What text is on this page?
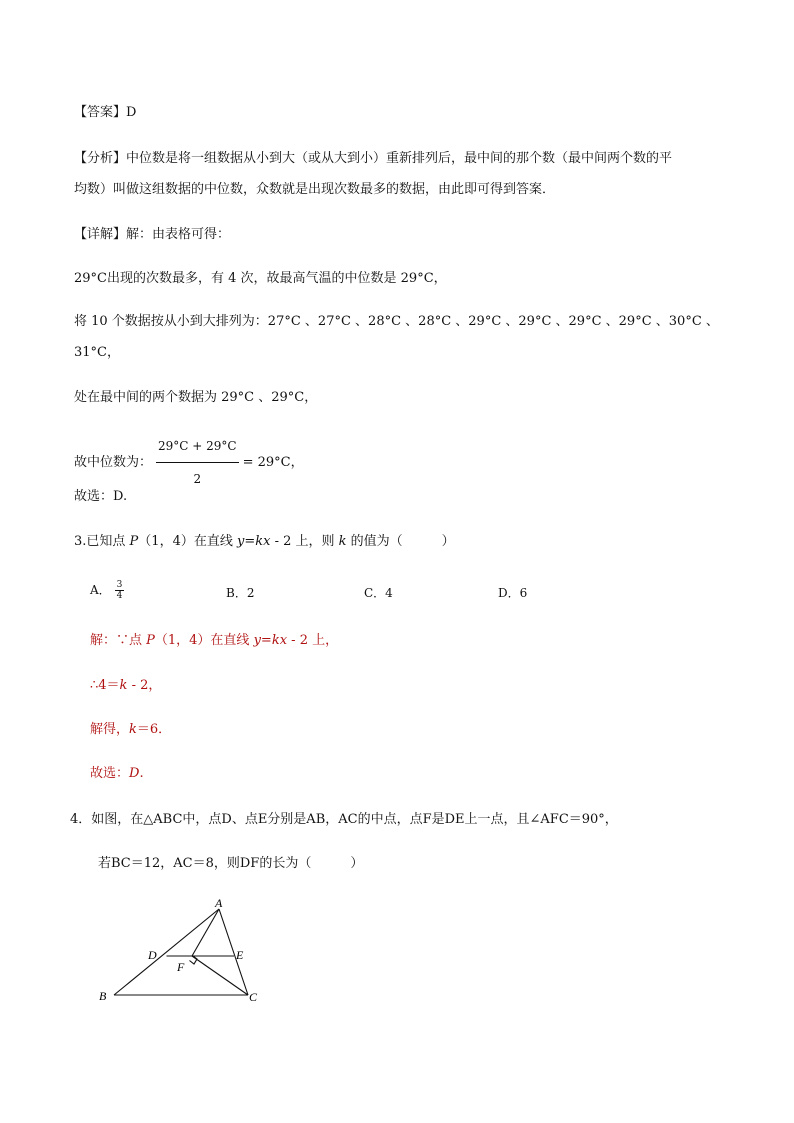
【答案】D
【分析】中位数是将一组数据从小到大（或从大到小）重新排列后，最中间的那个数（最中间两个数的平
均数）叫做这组数据的中位数，众数就是出现次数最多的数据，由此即可得到答案．
【详解】解：由表格可得：
29°C出现的次数最多，有 4 次，故最高气温的中位数是 29°C，
将 10 个数据按从小到大排列为：27°C 、27°C 、28°C 、28°C 、29°C 、29°C 、29°C 、29°C 、30°C 、
31°C，
处在最中间的两个数据为 29°C 、29°C，
故中位数为： $\frac{29^\circ C + 29^\circ C}{2} = 29^\circ C$，
故选：D.
3.已知点 P（1，4）在直线 y=kx - 2 上，则 k 的值为（　　　）
A． $\frac{3}{4}$	B．2	C．4	D．6
解：∵点 P（1，4）在直线 y=kx - 2 上，
∴4＝k - 2，
解得，k＝6．
故选：D.
4．如图，在△ABC中，点D、点E分别是AB，AC的中点，点F是DE上一点，且∠AFC＝90°，
若BC＝12，AC＝8，则DF的长为（　　　）
A
B	C
D	E
F
